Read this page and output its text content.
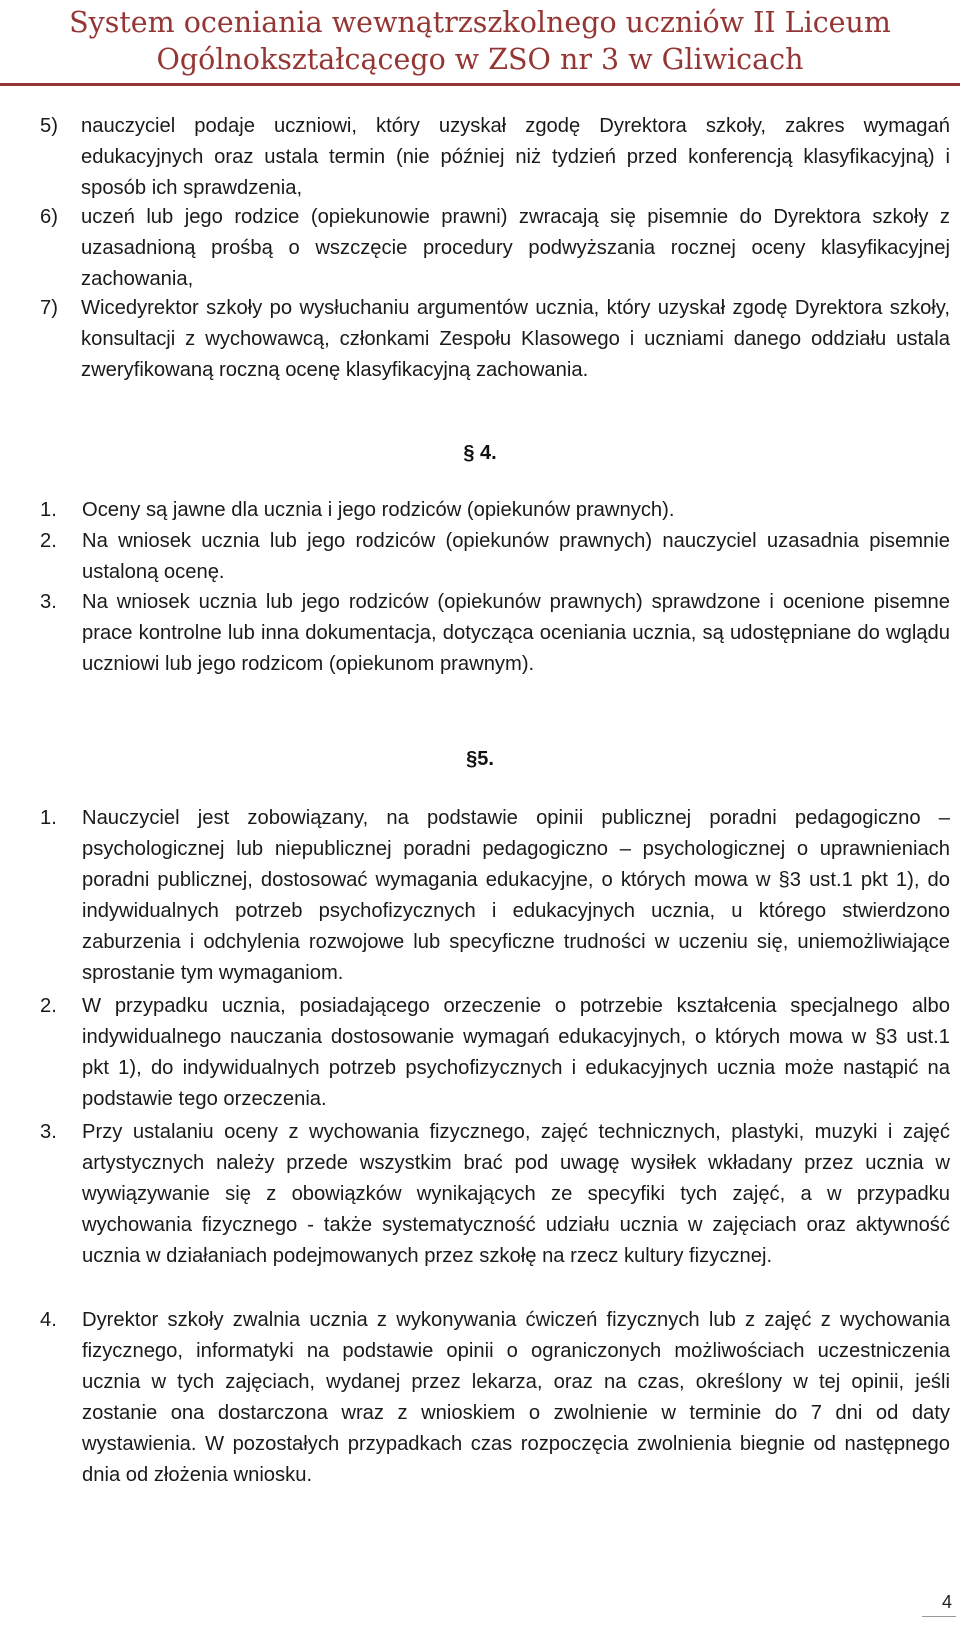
System oceniania wewnątrzszkolnego uczniów II Liceum
Ogólnokształcącego w ZSO nr 3 w Gliwicach
5) nauczyciel podaje uczniowi, który uzyskał zgodę Dyrektora szkoły, zakres wymagań edukacyjnych oraz ustala termin (nie później niż tydzień przed konferencją klasyfikacyjną) i sposób ich sprawdzenia,
6) uczeń lub jego rodzice (opiekunowie prawni) zwracają się pisemnie do Dyrektora szkoły z uzasadnioną prośbą o wszczęcie procedury podwyższania rocznej oceny klasyfikacyjnej zachowania,
7) Wicedyrektor szkoły po wysłuchaniu argumentów ucznia, który uzyskał zgodę Dyrektora szkoły, konsultacji z wychowawcą, członkami Zespołu Klasowego i uczniami danego oddziału ustala zweryfikowaną roczną ocenę klasyfikacyjną zachowania.
§ 4.
1. Oceny są jawne dla ucznia i jego rodziców (opiekunów prawnych).
2. Na wniosek ucznia lub jego rodziców (opiekunów prawnych) nauczyciel uzasadnia pisemnie ustaloną ocenę.
3. Na wniosek ucznia lub jego rodziców (opiekunów prawnych) sprawdzone i ocenione pisemne prace kontrolne lub inna dokumentacja, dotycząca oceniania ucznia, są udostępniane do wglądu uczniowi lub jego rodzicom (opiekunom prawnym).
§5.
1. Nauczyciel jest zobowiązany, na podstawie opinii publicznej poradni pedagogiczno – psychologicznej lub niepublicznej poradni pedagogiczno – psychologicznej o uprawnieniach poradni publicznej, dostosować wymagania edukacyjne, o których mowa w §3 ust.1 pkt 1), do indywidualnych potrzeb psychofizycznych i edukacyjnych ucznia, u którego stwierdzono zaburzenia i odchylenia rozwojowe lub specyficzne trudności w uczeniu się, uniemożliwiające sprostanie tym wymaganiom.
2. W przypadku ucznia, posiadającego orzeczenie o potrzebie kształcenia specjalnego albo indywidualnego nauczania dostosowanie wymagań edukacyjnych, o których mowa w §3 ust.1 pkt 1), do indywidualnych potrzeb psychofizycznych i edukacyjnych ucznia może nastąpić na podstawie tego orzeczenia.
3. Przy ustalaniu oceny z wychowania fizycznego, zajęć technicznych, plastyki, muzyki i zajęć artystycznych należy przede wszystkim brać pod uwagę wysiłek wkładany przez ucznia w wywiązywanie się z obowiązków wynikających ze specyfiki tych zajęć, a w przypadku wychowania fizycznego - także systematyczność udziału ucznia w zajęciach oraz aktywność ucznia w działaniach podejmowanych przez szkołę na rzecz kultury fizycznej.
4. Dyrektor szkoły zwalnia ucznia z wykonywania ćwiczeń fizycznych lub z zajęć z wychowania fizycznego, informatyki na podstawie opinii o ograniczonych możliwościach uczestniczenia ucznia w tych zajęciach, wydanej przez lekarza, oraz na czas, określony w tej opinii, jeśli zostanie ona dostarczona wraz z wnioskiem o zwolnienie w terminie do 7 dni od daty wystawienia. W pozostałych przypadkach czas rozpoczęcia zwolnienia biegnie od następnego dnia od złożenia wniosku.
4
